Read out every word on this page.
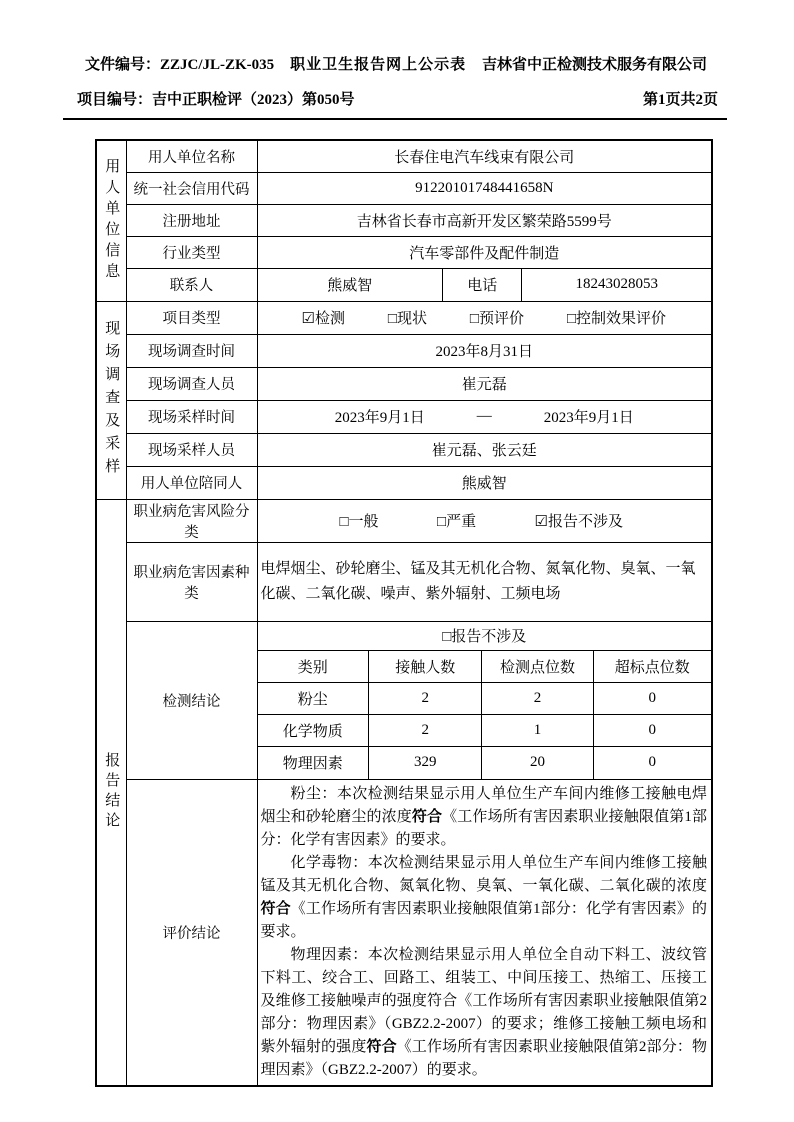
文件编号：ZZJC/JL-ZK-035 职业卫生报告网上公示表 吉林省中正检测技术服务有限公司
项目编号：吉中正职检评（2023）第050号	第1页共2页
用人单位信息	用人单位名称	长春住电汽车线束有限公司
统一社会信用代码	91220101748441658N
注册地址	吉林省长春市高新开发区繁荣路5599号
行业类型	汽车零部件及配件制造
联系人	熊威智	电话	18243028053

现场调查及采样
	项目类型	☑检测	□现状	□预评价	□控制效果评价

现场调查时间	2023年8月31日
现场调查人员	崔元磊
现场采样时间	2023年9月1日	—	2023年9月1日

现场采样人员	崔元磊、张云廷
用人单位陪同人	熊威智

报告结论
	职业病危害风险分类	
□一般	□严重	☑报告不涉及

职业病危害因素种类	电焊烟尘、砂轮磨尘、锰及其无机化合物、氮氧化物、臭氧、一氧化碳、二氧化碳、噪声、紫外辐射、工频电场
检测结论	
□报告不涉及
类别	接触人数	检测点位数	超标点位数
粉尘	2	2	0
化学物质	2	1	0
物理因素	329	20	0

评价结论	

粉尘：本次检测结果显示用人单位生产车间内维修工接触电焊烟尘和砂轮磨尘的浓度符合《工作场所有害因素职业接触限值第1部分：化学有害因素》的要求。

化学毒物：本次检测结果显示用人单位生产车间内维修工接触锰及其无机化合物、氮氧化物、臭氧、一氧化碳、二氧化碳的浓度符合《工作场所有害因素职业接触限值第1部分：化学有害因素》的要求。

物理因素：本次检测结果显示用人单位全自动下料工、波纹管下料工、绞合工、回路工、组装工、中间压接工、热缩工、压接工及维修工接触噪声的强度符合《工作场所有害因素职业接触限值第2部分：物理因素》（GBZ2.2-2007）的要求；维修工接触工频电场和紫外辐射的强度符合《工作场所有害因素职业接触限值第2部分：物理因素》（GBZ2.2-2007）的要求。
